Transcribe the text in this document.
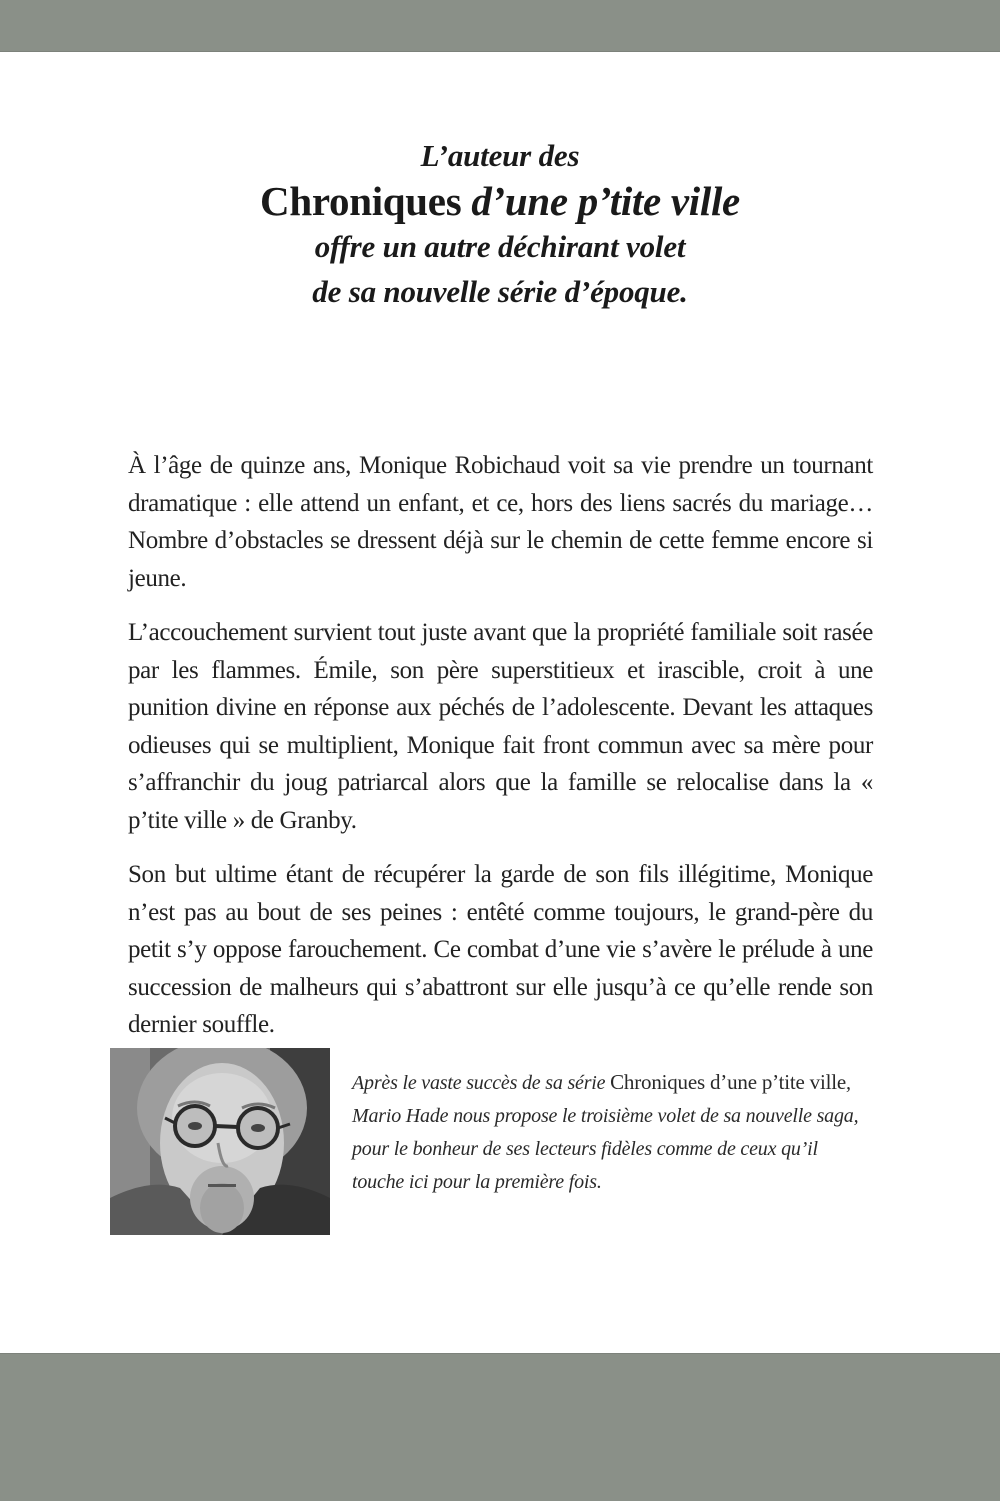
L’auteur des
Chroniques d’une p’tite ville
offre un autre déchirant volet
de sa nouvelle série d’époque.

À l’âge de quinze ans, Monique Robichaud voit sa vie prendre un tournant dramatique : elle attend un enfant, et ce, hors des liens sacrés du mariage… Nombre d’obstacles se dressent déjà sur le chemin de cette femme encore si jeune.

L’accouchement survient tout juste avant que la propriété familiale soit rasée par les flammes. Émile, son père superstitieux et irascible, croit à une punition divine en réponse aux péchés de l’adolescente. Devant les attaques odieuses qui se multiplient, Monique fait front commun avec sa mère pour s’affranchir du joug patriarcal alors que la famille se relocalise dans la « p’tite ville » de Granby.

Son but ultime étant de récupérer la garde de son fils illégitime, Monique n’est pas au bout de ses peines : entêté comme toujours, le grand-père du petit s’y oppose farouchement. Ce combat d’une vie s’avère le prélude à une succession de malheurs qui s’abattront sur elle jusqu’à ce qu’elle rende son dernier souffle.

Après le vaste succès de sa série Chroniques d’une p’tite ville, Mario Hade nous propose le troisième volet de sa nouvelle saga, pour le bonheur de ses lecteurs fidèles comme de ceux qu’il touche ici pour la première fois.
